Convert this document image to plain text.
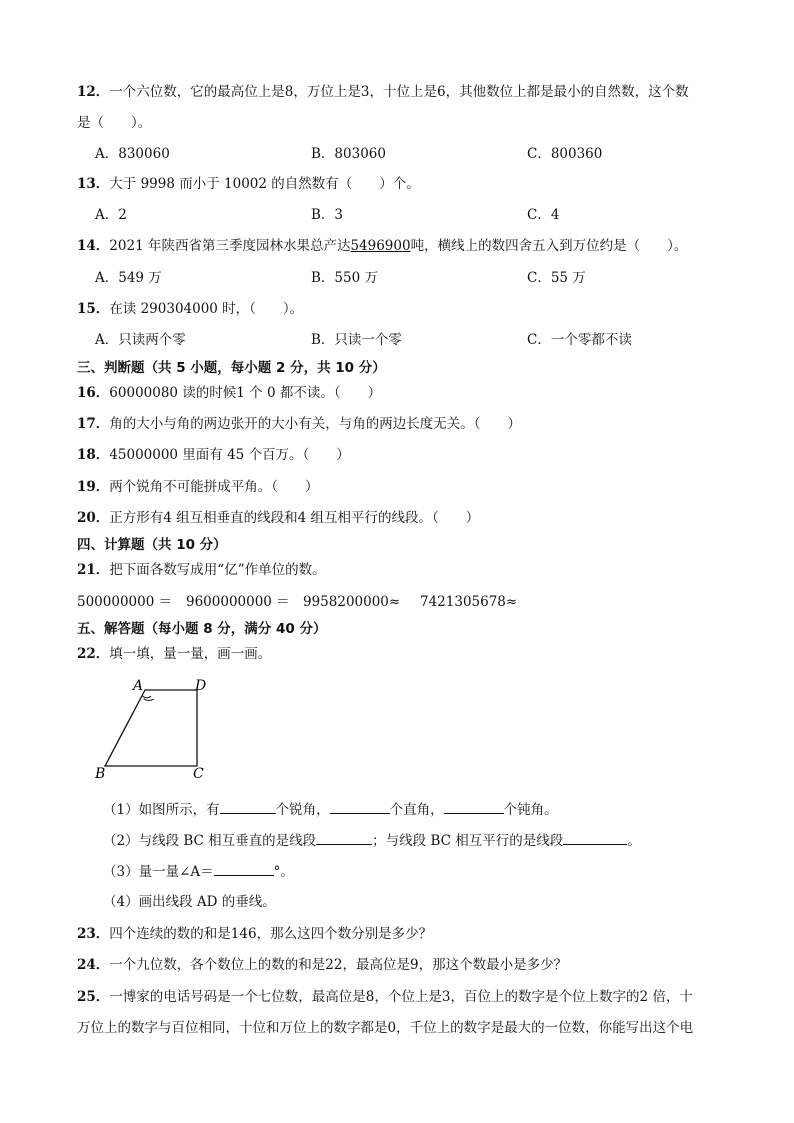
12．一个六位数，它的最高位上是8，万位上是3，十位上是6，其他数位上都是最小的自然数，这个数
是（　　）。
A．830060	B．803060	C．800360
13．大于 9998 而小于 10002 的自然数有（　　）个。
A．2	B．3	C．4
14．2021 年陕西省第三季度园林水果总产达5496900吨，横线上的数四舍五入到万位约是（　　）。
A．549 万	B．550 万	C．55 万
15．在读 290304000 时，（　　）。
A．只读两个零	B．只读一个零	C．一个零都不读
三、判断题（共 5 小题，每小题 2 分，共 10 分）
16．60000080 读的时候1 个 0 都不读。（　　）
17．角的大小与角的两边张开的大小有关，与角的两边长度无关。（　　）
18．45000000 里面有 45 个百万。（　　）
19．两个锐角不可能拼成平角。（　　）
20．正方形有4 组互相垂直的线段和4 组互相平行的线段。（　　）
四、计算题（共 10 分）
21．把下面各数写成用“亿”作单位的数。
500000000 ＝ 9600000000 ＝ 9958200000≈ 7421305678≈
五、解答题（每小题 8 分，满分 40 分）
22．填一填，量一量，画一画。
A	D
B	C
（1）如图所示，有	个锐角，	个直角，	个钝角。
（2）与线段 BC 相互垂直的是线段	；与线段 BC 相互平行的是线段	。
（3）量一量∠A＝	°。
（4）画出线段 AD 的垂线。
23．四个连续的数的和是146，那么这四个数分别是多少？
24．一个九位数，各个数位上的数的和是22，最高位是9，那这个数最小是多少？
25．一博家的电话号码是一个七位数，最高位是8，个位上是3，百位上的数字是个位上数字的2 倍，十
万位上的数字与百位相同，十位和万位上的数字都是0，千位上的数字是最大的一位数，你能写出这个电
